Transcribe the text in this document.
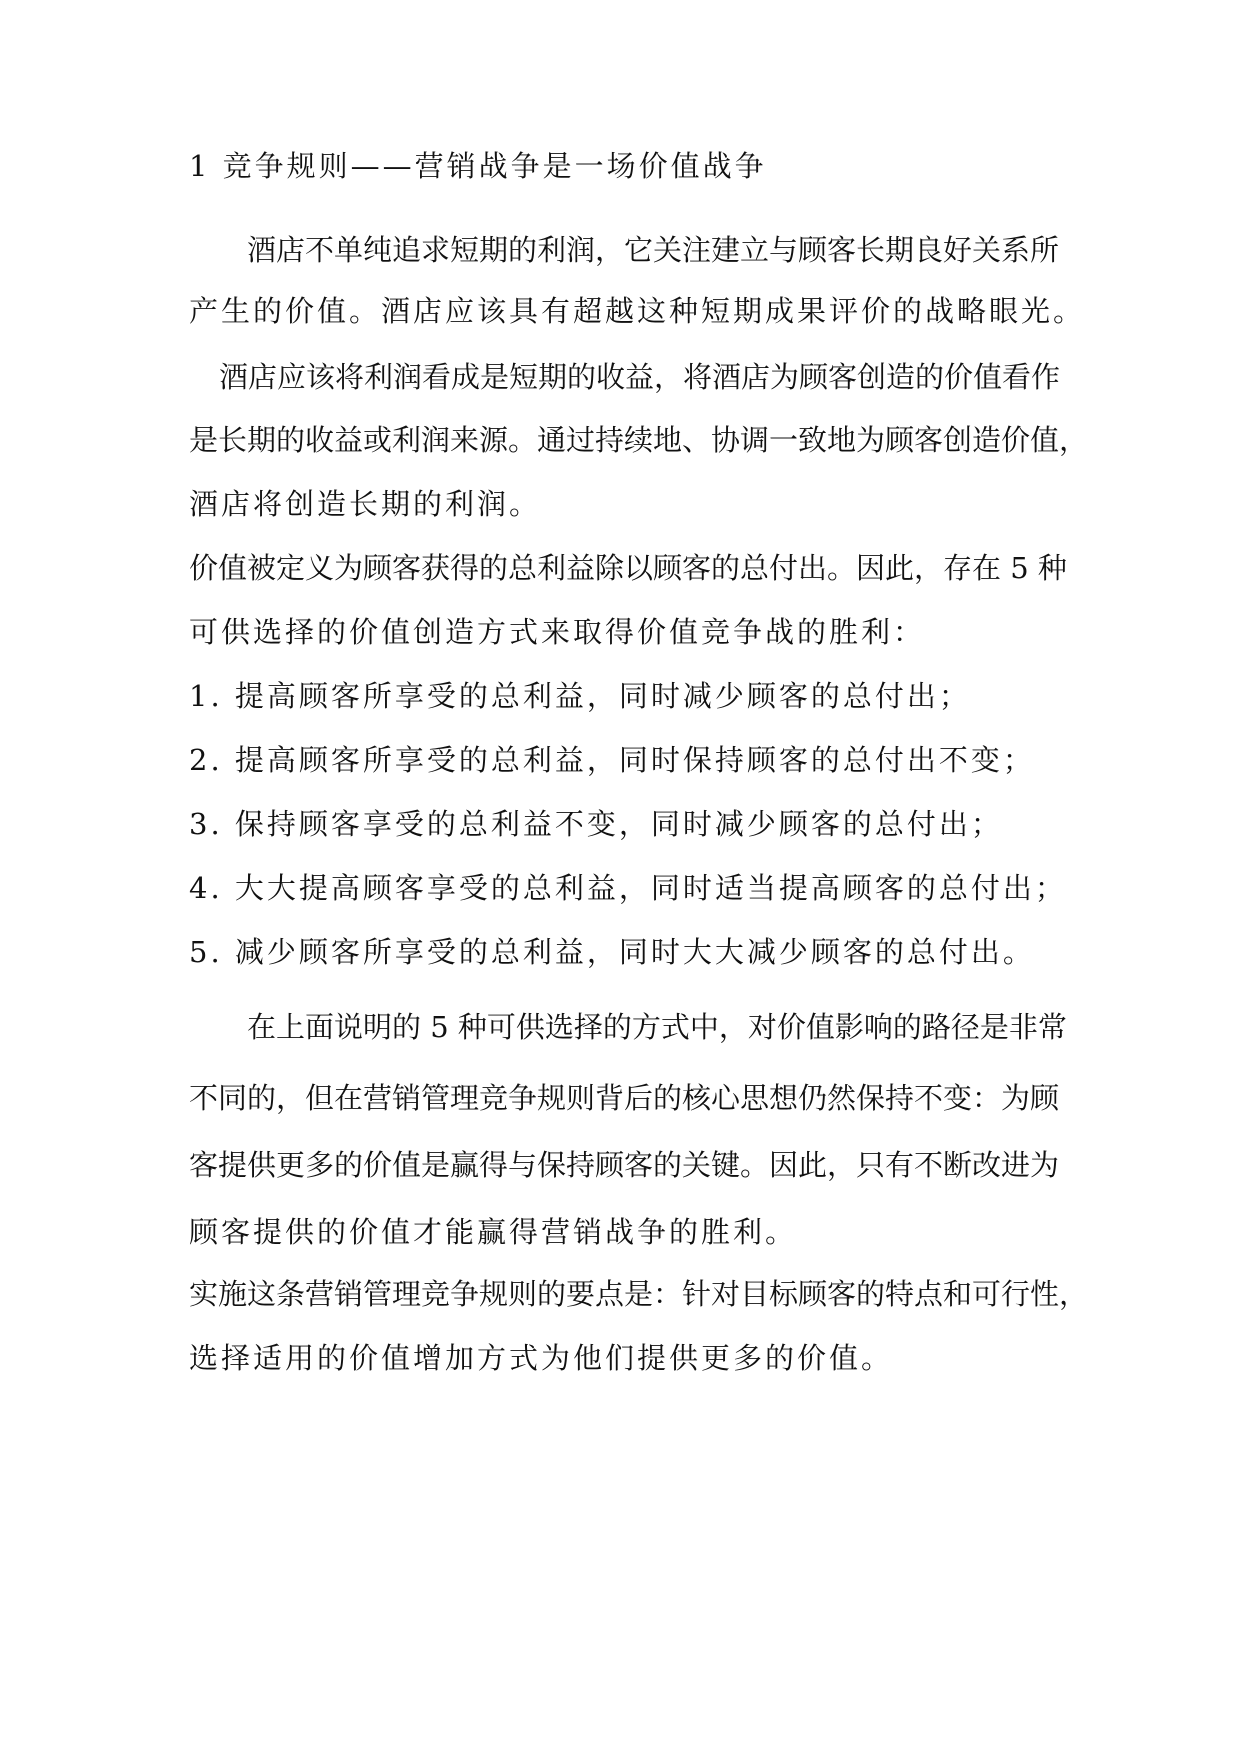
1 竞争规则——营销战争是一场价值战争
酒店不单纯追求短期的利润，它关注建立与顾客长期良好关系所
产生的价值。酒店应该具有超越这种短期成果评价的战略眼光。
酒店应该将利润看成是短期的收益，将酒店为顾客创造的价值看作
是长期的收益或利润来源。通过持续地、协调一致地为顾客创造价值，
酒店将创造长期的利润。
价值被定义为顾客获得的总利益除以顾客的总付出。因此，存在 5 种
可供选择的价值创造方式来取得价值竞争战的胜利：
1. 提高顾客所享受的总利益，同时减少顾客的总付出；
2. 提高顾客所享受的总利益，同时保持顾客的总付出不变；
3. 保持顾客享受的总利益不变，同时减少顾客的总付出；
4. 大大提高顾客享受的总利益，同时适当提高顾客的总付出；
5. 减少顾客所享受的总利益，同时大大减少顾客的总付出。
在上面说明的 5 种可供选择的方式中，对价值影响的路径是非常
不同的，但在营销管理竞争规则背后的核心思想仍然保持不变：为顾
客提供更多的价值是赢得与保持顾客的关键。因此，只有不断改进为
顾客提供的价值才能赢得营销战争的胜利。
实施这条营销管理竞争规则的要点是：针对目标顾客的特点和可行性，
选择适用的价值增加方式为他们提供更多的价值。
